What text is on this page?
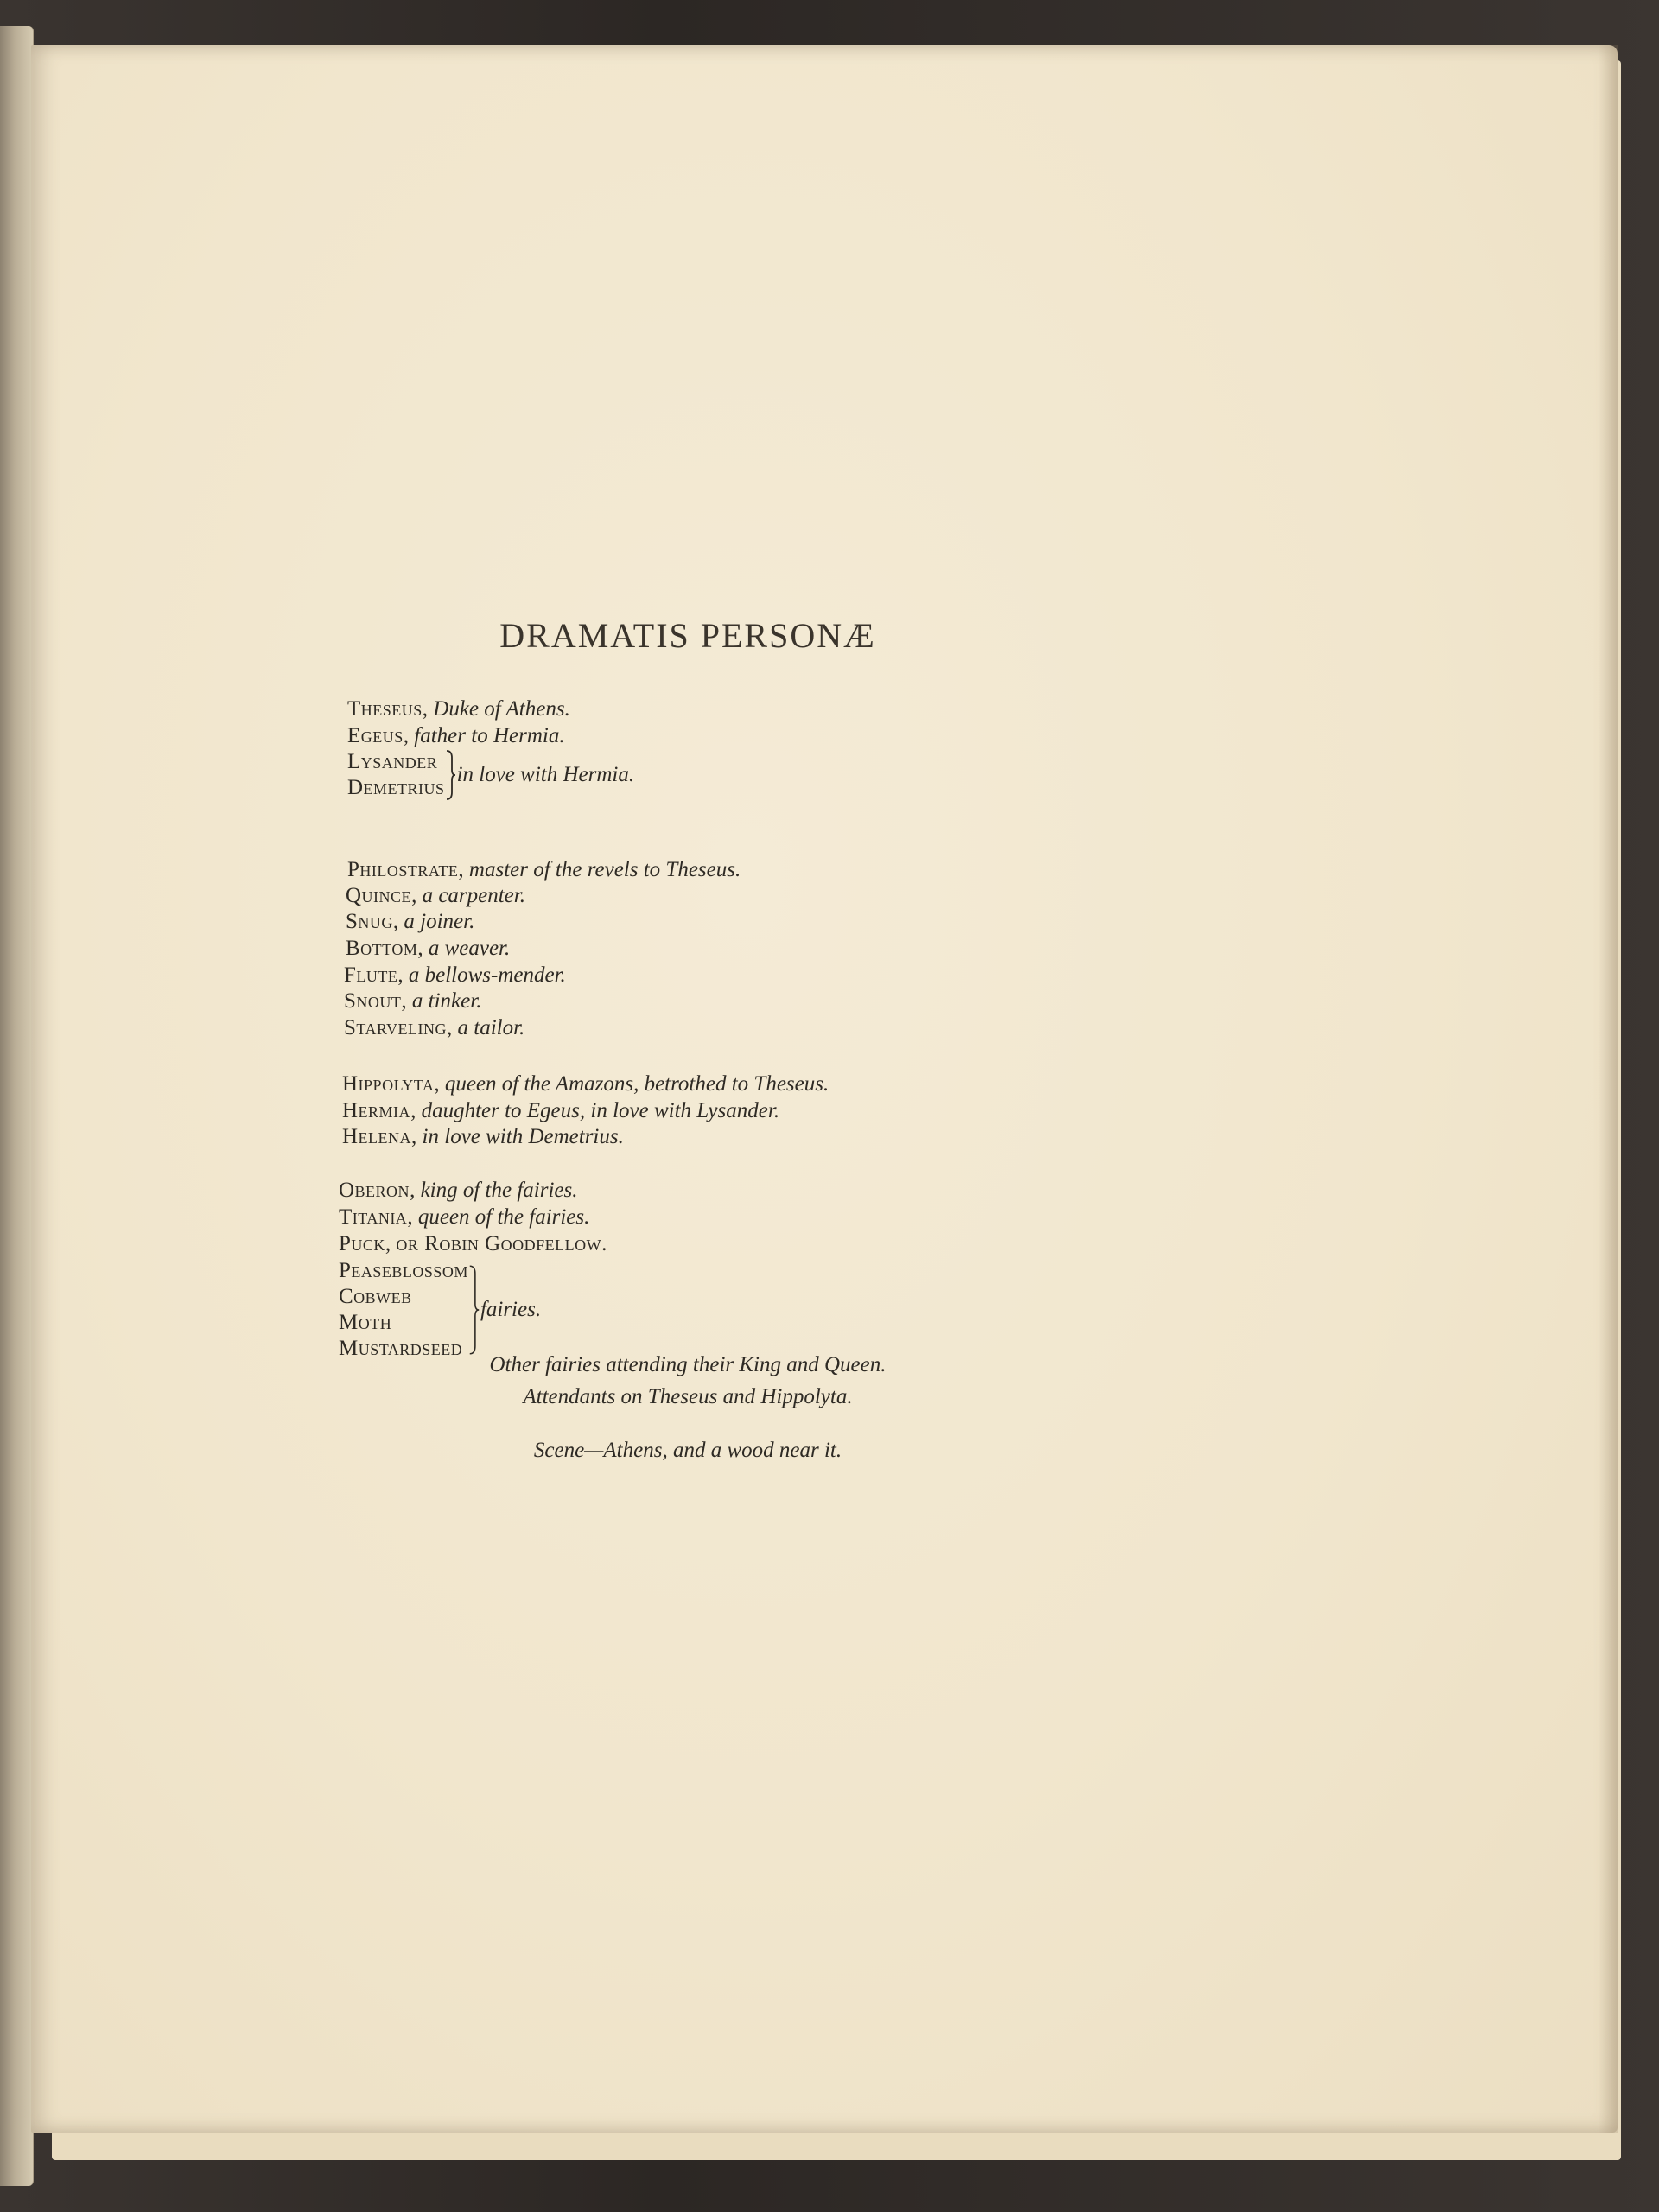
DRAMATIS PERSONÆ
Theseus, Duke of Athens.
Egeus, father to Hermia.
Lysander
Demetrius
in love with Hermia.
Philostrate, master of the revels to Theseus.
Quince, a carpenter.
Snug, a joiner.
Bottom, a weaver.
Flute, a bellows-mender.
Snout, a tinker.
Starveling, a tailor.
Hippolyta, queen of the Amazons, betrothed to Theseus.
Hermia, daughter to Egeus, in love with Lysander.
Helena, in love with Demetrius.
Oberon, king of the fairies.
Titania, queen of the fairies.
Puck, or Robin Goodfellow.
Peaseblossom
Cobweb
Moth
Mustardseed
fairies.
Other fairies attending their King and Queen.
Attendants on Theseus and Hippolyta.
Scene—Athens, and a wood near it.
